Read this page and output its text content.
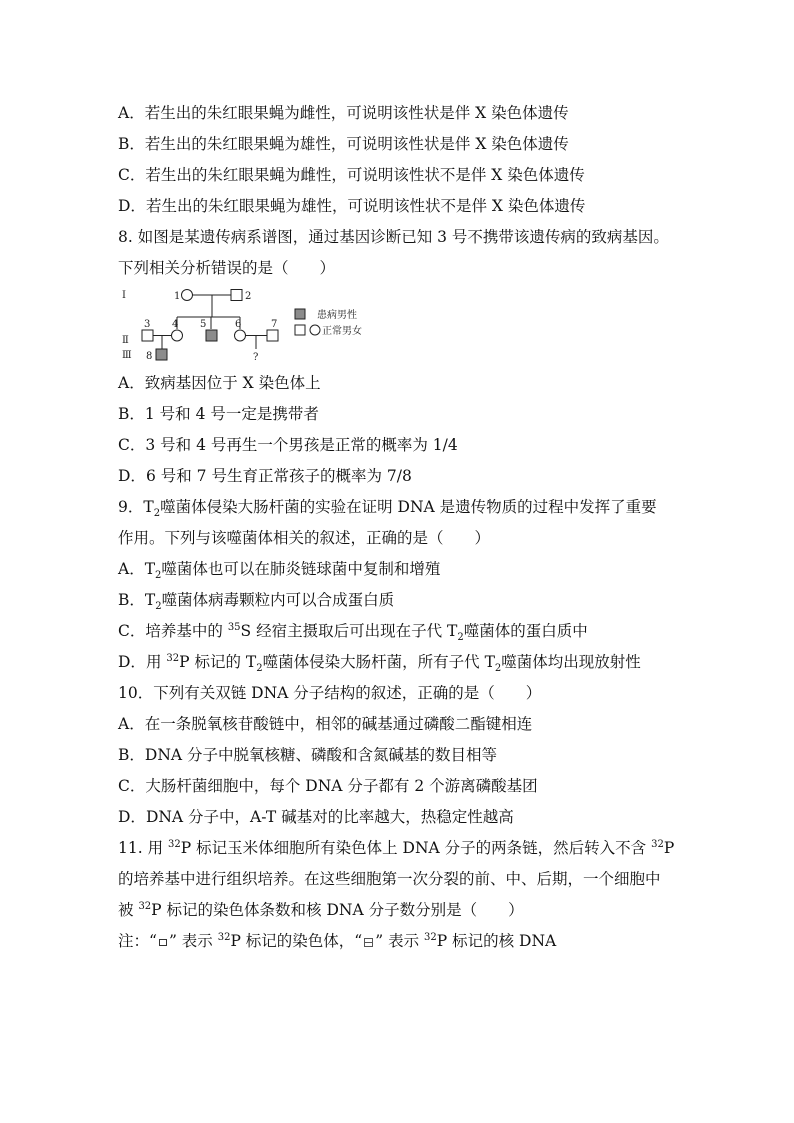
A．若生出的朱红眼果蝇为雌性，可说明该性状是伴 X 染色体遗传
B．若生出的朱红眼果蝇为雄性，可说明该性状是伴 X 染色体遗传
C．若生出的朱红眼果蝇为雌性，可说明该性状不是伴 X 染色体遗传
D．若生出的朱红眼果蝇为雄性，可说明该性状不是伴 X 染色体遗传
8. 如图是某遗传病系谱图，通过基因诊断已知 3 号不携带该遗传病的致病基因。
下列相关分析错误的是（　　）
Ⅰ
Ⅱ
Ⅲ
1	2
3 4 5	6	7
8	?
患病男性
正常男女
A．致病基因位于 X 染色体上
B．1 号和 4 号一定是携带者
C．3 号和 4 号再生一个男孩是正常的概率为 1/4
D．6 号和 7 号生育正常孩子的概率为 7/8
9．$T_2$噬菌体侵染大肠杆菌的实验在证明 DNA 是遗传物质的过程中发挥了重要
作用。下列与该噬菌体相关的叙述，正确的是（　　）
A．$T_2$噬菌体也可以在肺炎链球菌中复制和增殖
B．$T_2$噬菌体病毒颗粒内可以合成蛋白质
C．培养基中的 $^{35}$S 经宿主摄取后可出现在子代 $T_2$噬菌体的蛋白质中
D．用 $^{32}$P 标记的 $T_2$噬菌体侵染大肠杆菌，所有子代 $T_2$噬菌体均出现放射性
10．下列有关双链 DNA 分子结构的叙述，正确的是（　　）
A．在一条脱氧核苷酸链中，相邻的碱基通过磷酸二酯键相连
B．DNA 分子中脱氧核糖、磷酸和含氮碱基的数目相等
C．大肠杆菌细胞中，每个 DNA 分子都有 2 个游离磷酸基团
D．DNA 分子中，A-T 碱基对的比率越大，热稳定性越高
11. 用 $^{32}$P 标记玉米体细胞所有染色体上 DNA 分子的两条链，然后转入不含 $^{32}$P
的培养基中进行组织培养。在这些细胞第一次分裂的前、中、后期，一个细胞中
被 $^{32}$P 标记的染色体条数和核 DNA 分子数分别是（　　）
注：“ ” 表示 $^{32}$P 标记的染色体，“ ” 表示 $^{32}$P 标记的核 DNA
